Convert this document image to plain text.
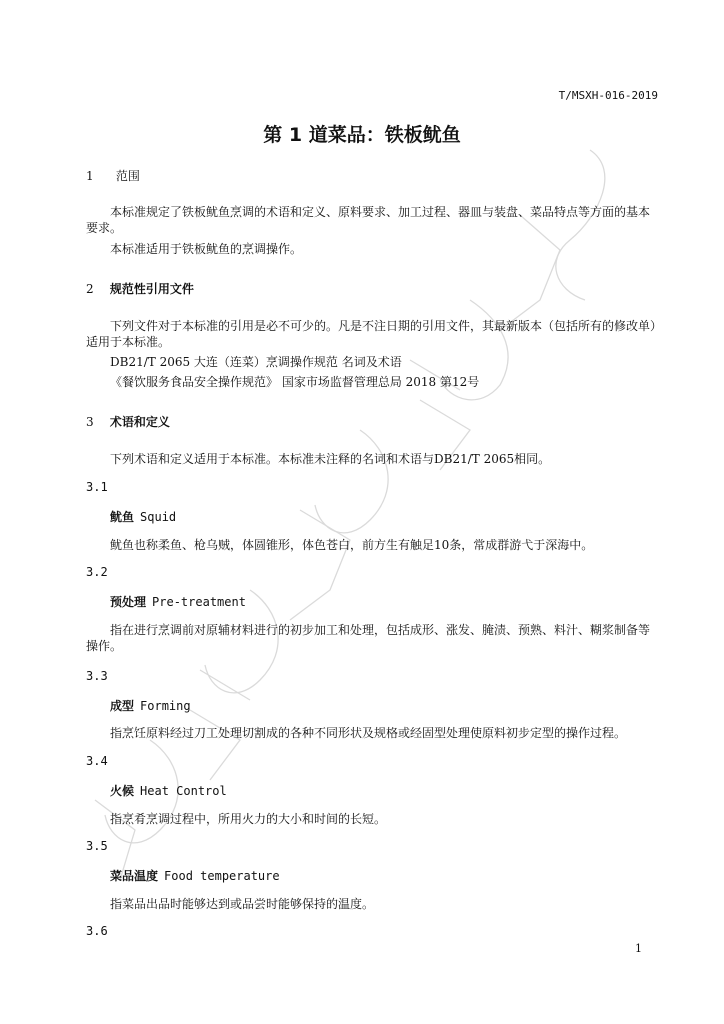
T/MSXH-016-2019
第 1 道菜品：铁板鱿鱼
1 范围
本标准规定了铁板鱿鱼烹调的术语和定义、原料要求、加工过程、器皿与装盘、菜品特点等方面的基本要求。
本标准适用于铁板鱿鱼的烹调操作。
2 规范性引用文件
下列文件对于本标准的引用是必不可少的。凡是不注日期的引用文件，其最新版本（包括所有的修改单）适用于本标准。
DB21/T 2065 大连（连菜）烹调操作规范 名词及术语
《餐饮服务食品安全操作规范》 国家市场监督管理总局 2018 第12号
3 术语和定义
下列术语和定义适用于本标准。本标准未注释的名词和术语与DB21/T 2065相同。
3.1
鱿鱼 Squid
鱿鱼也称柔鱼、枪乌贼，体圆锥形，体色苍白，前方生有触足10条，常成群游弋于深海中。
3.2
预处理 Pre-treatment
指在进行烹调前对原辅材料进行的初步加工和处理，包括成形、涨发、腌渍、预熟、料汁、糊浆制备等操作。
3.3
成型 Forming
指烹饪原料经过刀工处理切割成的各种不同形状及规格或经固型处理使原料初步定型的操作过程。
3.4
火候 Heat Control
指烹肴烹调过程中，所用火力的大小和时间的长短。
3.5
菜品温度 Food temperature
指菜品出品时能够达到或品尝时能够保持的温度。
3.6
1
